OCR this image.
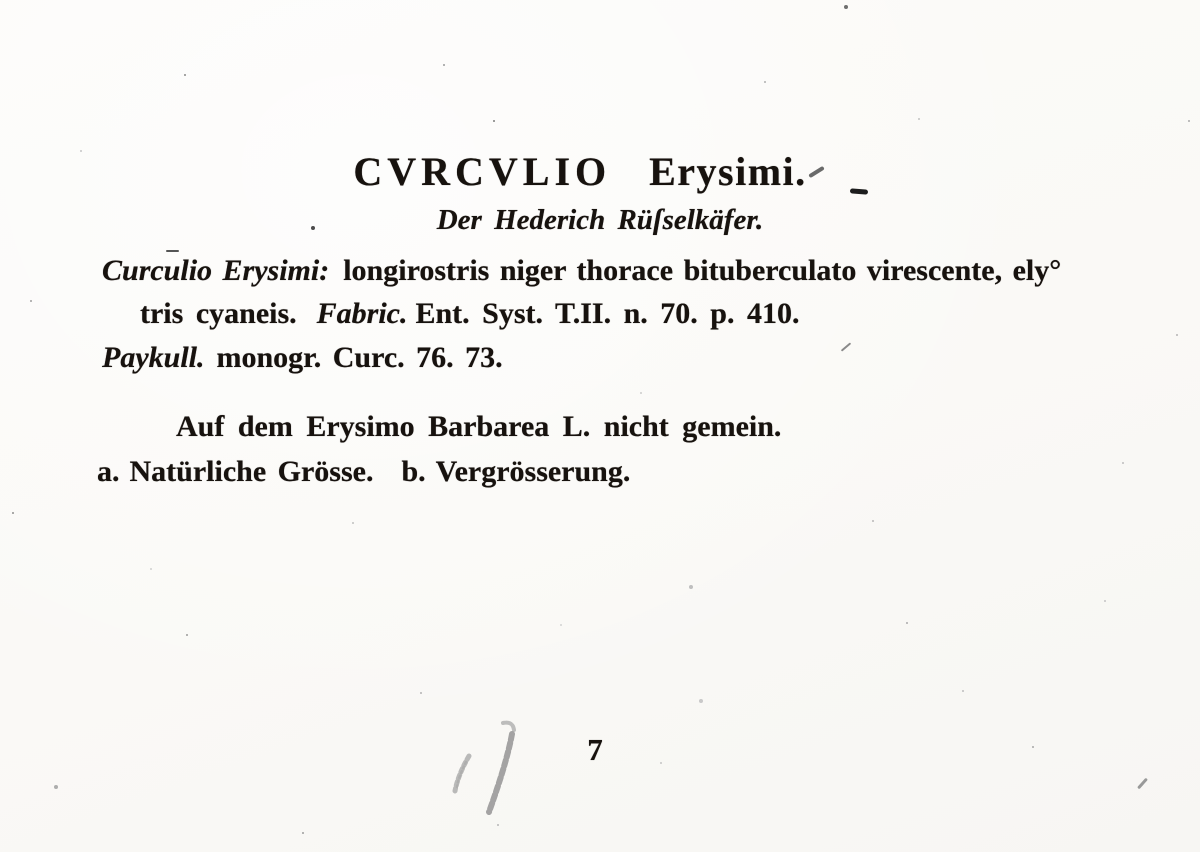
CVRCVLIO Erysimi.
Der Hederich Rüſselkäfer.
Curculio Erysimi: longirostris niger thorace bituberculato virescente, ely°
tris cyaneis. Fabric. Ent. Syst. T.II. n. 70. p. 410.
Paykull. monogr. Curc. 76. 73.
Auf dem Erysimo Barbarea L. nicht gemein.
a. Natürliche Grösse. b. Vergrösserung.
7
